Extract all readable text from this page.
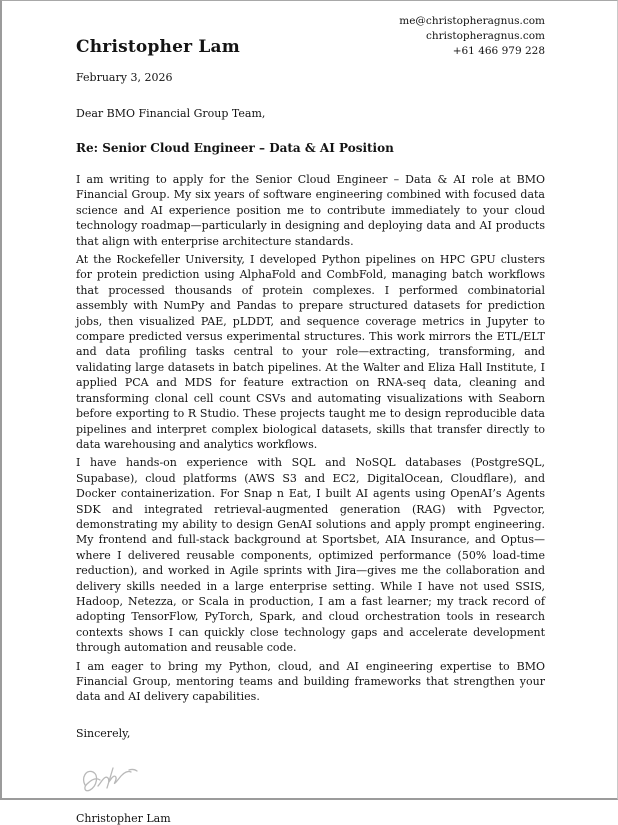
Christopher Lam
me@christopheragnus.com
christopheragnus.com
+61 466 979 228
February 3, 2026
Dear BMO Financial Group Team,
Re: Senior Cloud Engineer – Data & AI Position

I am writing to apply for the Senior Cloud Engineer – Data & AI role at BMO Financial Group. My six years of software engineering combined with focused data science and AI experience position me to contribute immediately to your cloud technology roadmap—particularly in designing and deploying data and AI products that align with enterprise architecture standards.

At the Rockefeller University, I developed Python pipelines on HPC GPU clusters for protein prediction using AlphaFold and CombFold, managing batch workflows that processed thousands of protein complexes. I performed combinatorial assembly with NumPy and Pandas to prepare structured datasets for prediction jobs, then visualized PAE, pLDDT, and sequence coverage metrics in Jupyter to compare predicted versus experimental structures. This work mirrors the ETL/ELT and data profiling tasks central to your role—extracting, transforming, and validating large datasets in batch pipelines. At the Walter and Eliza Hall Institute, I applied PCA and MDS for feature extraction on RNA-seq data, cleaning and transforming clonal cell count CSVs and automating visualizations with Seaborn before exporting to R Studio. These projects taught me to design reproducible data pipelines and interpret complex biological datasets, skills that transfer directly to data warehousing and analytics workflows.

I have hands-on experience with SQL and NoSQL databases (PostgreSQL, Supabase), cloud platforms (AWS S3 and EC2, DigitalOcean, Cloudflare), and Docker containerization. For Snap n Eat, I built AI agents using OpenAI’s Agents SDK and integrated retrieval-augmented generation (RAG) with Pgvector, demonstrating my ability to design GenAI solutions and apply prompt engineering. My frontend and full-stack background at Sportsbet, AIA Insurance, and Optus—where I delivered reusable components, optimized performance (50% load-time reduction), and worked in Agile sprints with Jira—gives me the collaboration and delivery skills needed in a large enterprise setting. While I have not used SSIS, Hadoop, Netezza, or Scala in production, I am a fast learner; my track record of adopting TensorFlow, PyTorch, Spark, and cloud orchestration tools in research contexts shows I can quickly close technology gaps and accelerate development through automation and reusable code.

I am eager to bring my Python, cloud, and AI engineering expertise to BMO Financial Group, mentoring teams and building frameworks that strengthen your data and AI delivery capabilities.

Sincerely,
Christopher Lam
